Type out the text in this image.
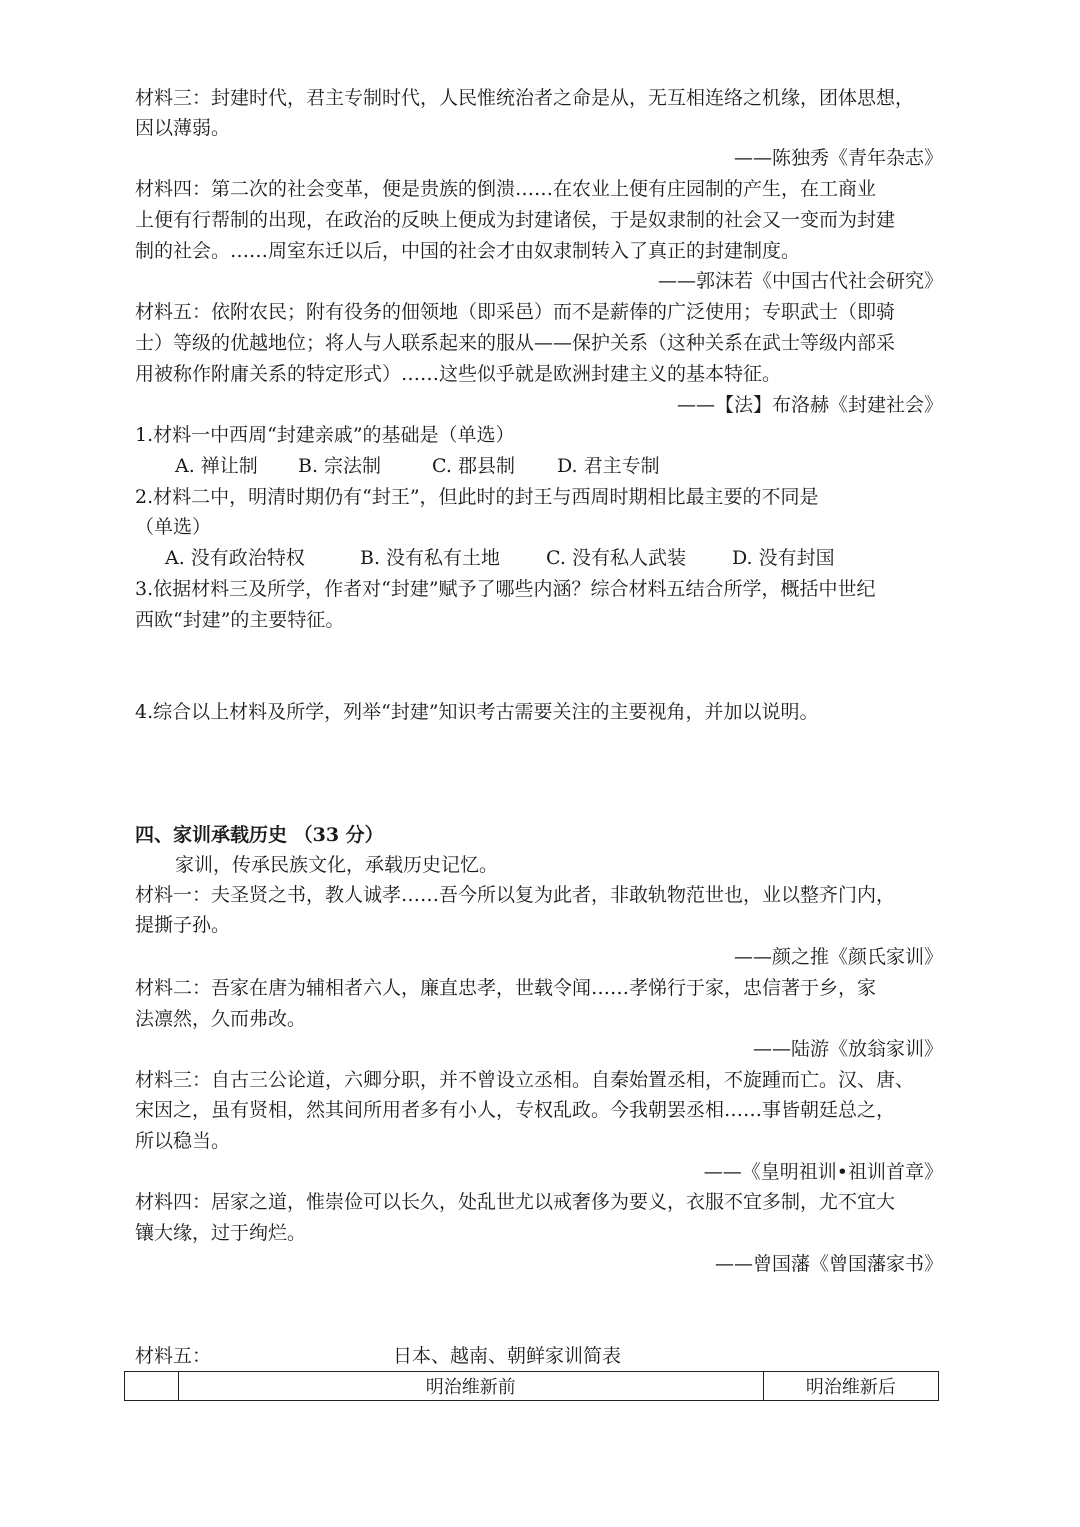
材料三：封建时代，君主专制时代，人民惟统治者之命是从，无互相连络之机缘，团体思想，
因以薄弱。
——陈独秀《青年杂志》
材料四：第二次的社会变革，便是贵族的倒溃……在农业上便有庄园制的产生，在工商业
上便有行帮制的出现，在政治的反映上便成为封建诸侯，于是奴隶制的社会又一变而为封建
制的社会。……周室东迁以后，中国的社会才由奴隶制转入了真正的封建制度。
——郭沫若《中国古代社会研究》
材料五：依附农民；附有役务的佃领地（即采邑）而不是薪俸的广泛使用；专职武士（即骑
士）等级的优越地位；将人与人联系起来的服从——保护关系（这种关系在武士等级内部采
用被称作附庸关系的特定形式）……这些似乎就是欧洲封建主义的基本特征。
——【法】布洛赫《封建社会》
1.材料一中西周“封建亲戚”的基础是（单选）
A. 禅让制 B. 宗法制	C. 郡县制 D. 君主专制
2.材料二中，明清时期仍有“封王”，但此时的封王与西周时期相比最主要的不同是
（单选）
A. 没有政治特权	B. 没有私有土地 C. 没有私人武装 D. 没有封国
3.依据材料三及所学，作者对“封建”赋予了哪些内涵？综合材料五结合所学，概括中世纪
西欧“封建”的主要特征。
4.综合以上材料及所学，列举“封建”知识考古需要关注的主要视角，并加以说明。
四、家训承载历史 （33 分）
家训，传承民族文化，承载历史记忆。
材料一：夫圣贤之书，教人诚孝……吾今所以复为此者，非敢轨物范世也，业以整齐门内，
提撕子孙。
——颜之推《颜氏家训》
材料二：吾家在唐为辅相者六人，廉直忠孝，世载令闻……孝悌行于家，忠信著于乡，家
法凛然，久而弗改。
——陆游《放翁家训》
材料三：自古三公论道，六卿分职，并不曾设立丞相。自秦始置丞相，不旋踵而亡。汉、唐、
宋因之，虽有贤相，然其间所用者多有小人，专权乱政。今我朝罢丞相……事皆朝廷总之，
所以稳当。
——《皇明祖训•祖训首章》
材料四：居家之道，惟崇俭可以长久，处乱世尤以戒奢侈为要义，衣服不宜多制，尤不宜大
镶大缘，过于绚烂。
——曾国藩《曾国藩家书》
材料五：	日本、越南、朝鲜家训简表
	明治维新前	明治维新后
